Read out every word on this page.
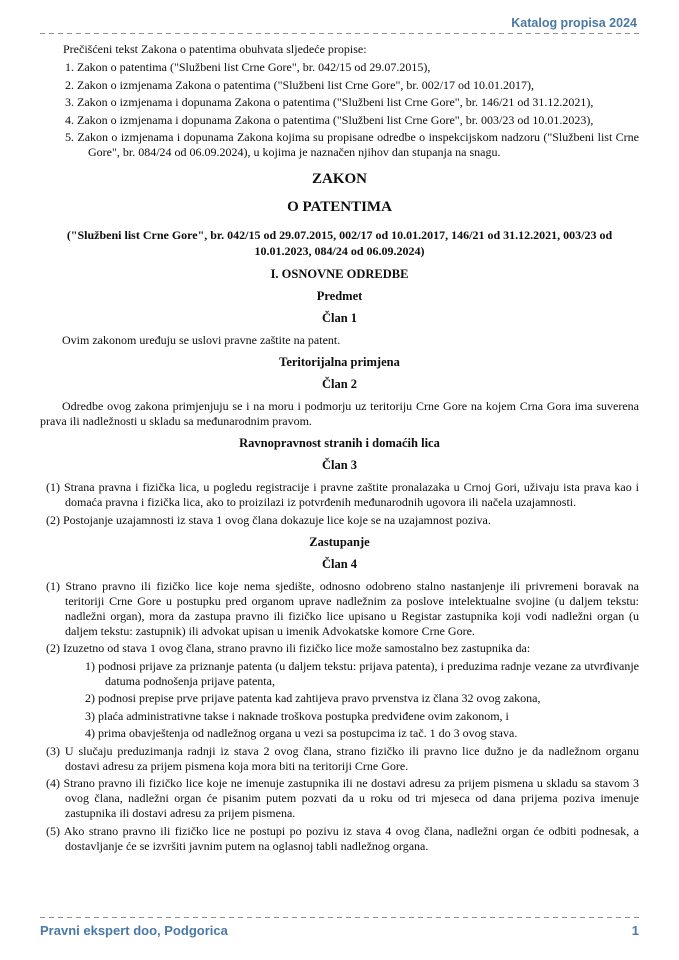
Katalog propisa 2024

Prečišćeni tekst Zakona o patentima obuhvata sljedeće propise:

1. Zakon o patentima ("Službeni list Crne Gore", br. 042/15 od 29.07.2015),

2. Zakon o izmjenama Zakona o patentima ("Službeni list Crne Gore", br. 002/17 od 10.01.2017),

3. Zakon o izmjenama i dopunama Zakona o patentima ("Službeni list Crne Gore", br. 146/21 od 31.12.2021),

4. Zakon o izmjenama i dopunama Zakona o patentima ("Službeni list Crne Gore", br. 003/23 od 10.01.2023),

5. Zakon o izmjenama i dopunama Zakona kojima su propisane odredbe o inspekcijskom nadzoru ("Službeni list Crne Gore", br. 084/24 od 06.09.2024), u kojima je naznačen njihov dan stupanja na snagu.

ZAKON
O PATENTIMA
("Službeni list Crne Gore", br. 042/15 od 29.07.2015, 002/17 od 10.01.2017, 146/21 od 31.12.2021, 003/23 od 10.01.2023, 084/24 od 06.09.2024)
I. OSNOVNE ODREDBE
Predmet
Član 1

Ovim zakonom uređuju se uslovi pravne zaštite na patent.

Teritorijalna primjena
Član 2

Odredbe ovog zakona primjenjuju se i na moru i podmorju uz teritoriju Crne Gore na kojem Crna Gora ima suverena prava ili nadležnosti u skladu sa međunarodnim pravom.

Ravnopravnost stranih i domaćih lica
Član 3

(1) Strana pravna i fizička lica, u pogledu registracije i pravne zaštite pronalazaka u Crnoj Gori, uživaju ista prava kao i domaća pravna i fizička lica, ako to proizilazi iz potvrđenih međunarodnih ugovora ili načela uzajamnosti.

(2) Postojanje uzajamnosti iz stava 1 ovog člana dokazuje lice koje se na uzajamnost poziva.

Zastupanje
Član 4

(1) Strano pravno ili fizičko lice koje nema sjedište, odnosno odobreno stalno nastanjenje ili privremeni boravak na teritoriji Crne Gore u postupku pred organom uprave nadležnim za poslove intelektualne svojine (u daljem tekstu: nadležni organ), mora da zastupa pravno ili fizičko lice upisano u Registar zastupnika koji vodi nadležni organ (u daljem tekstu: zastupnik) ili advokat upisan u imenik Advokatske komore Crne Gore.

(2) Izuzetno od stava 1 ovog člana, strano pravno ili fizičko lice može samostalno bez zastupnika da:

1) podnosi prijave za priznanje patenta (u daljem tekstu: prijava patenta), i preduzima radnje vezane za utvrđivanje datuma podnošenja prijave patenta,

2) podnosi prepise prve prijave patenta kad zahtijeva pravo prvenstva iz člana 32 ovog zakona,

3) plaća administrativne takse i naknade troškova postupka predviđene ovim zakonom, i

4) prima obavještenja od nadležnog organa u vezi sa postupcima iz tač. 1 do 3 ovog stava.

(3) U slučaju preduzimanja radnji iz stava 2 ovog člana, strano fizičko ili pravno lice dužno je da nadležnom organu dostavi adresu za prijem pismena koja mora biti na teritoriji Crne Gore.

(4) Strano pravno ili fizičko lice koje ne imenuje zastupnika ili ne dostavi adresu za prijem pismena u skladu sa stavom 3 ovog člana, nadležni organ će pisanim putem pozvati da u roku od tri mjeseca od dana prijema poziva imenuje zastupnika ili dostavi adresu za prijem pismena.

(5) Ako strano pravno ili fizičko lice ne postupi po pozivu iz stava 4 ovog člana, nadležni organ će odbiti podnesak, a dostavljanje će se izvršiti javnim putem na oglasnoj tabli nadležnog organa.

Pravni ekspert doo, Podgorica	1
